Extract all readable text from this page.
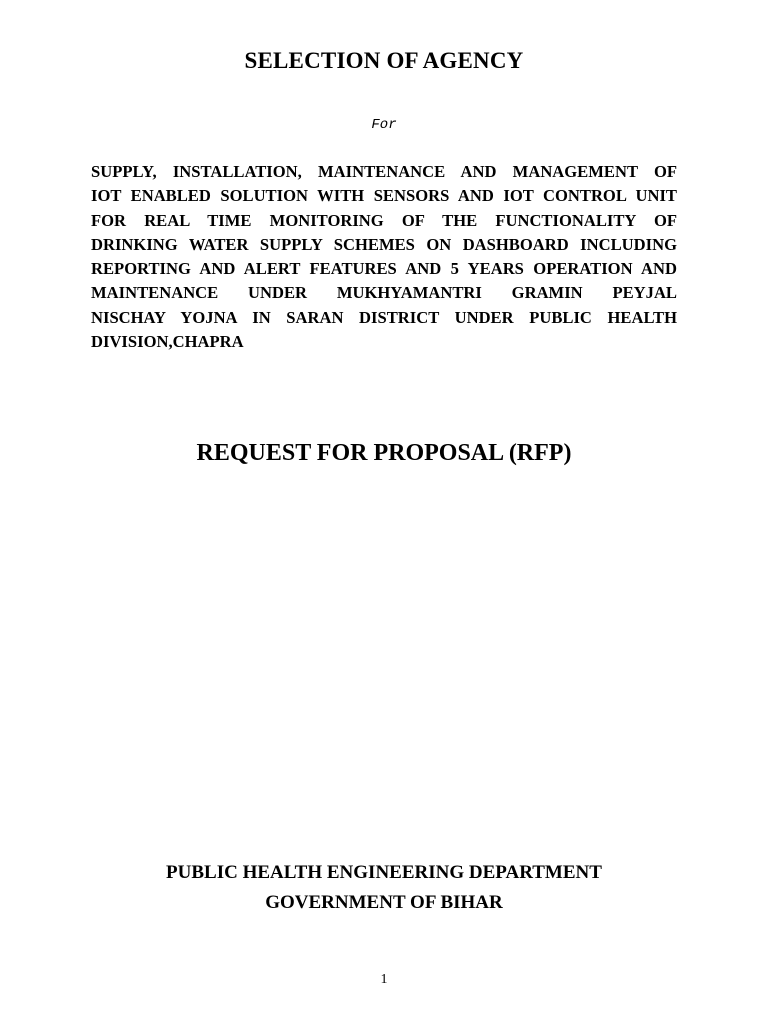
SELECTION OF AGENCY
For
SUPPLY, INSTALLATION, MAINTENANCE AND MANAGEMENT OF
IOT ENABLED SOLUTION WITH SENSORS AND IOT CONTROL UNIT
FOR REAL TIME MONITORING OF THE FUNCTIONALITY OF
DRINKING WATER SUPPLY SCHEMES ON DASHBOARD INCLUDING
REPORTING AND ALERT FEATURES AND 5 YEARS OPERATION AND
MAINTENANCE UNDER MUKHYAMANTRI GRAMIN PEYJAL
NISCHAY YOJNA IN SARAN DISTRICT UNDER PUBLIC HEALTH
DIVISION,CHAPRA
REQUEST FOR PROPOSAL (RFP)
PUBLIC HEALTH ENGINEERING DEPARTMENT
GOVERNMENT OF BIHAR
1
